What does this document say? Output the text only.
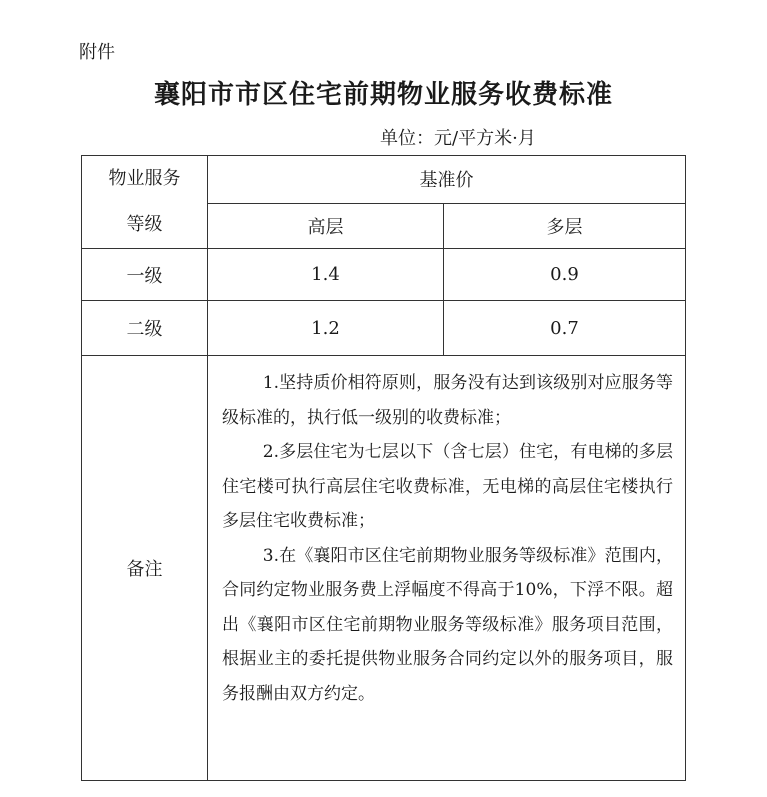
附件
襄阳市市区住宅前期物业服务收费标准
单位：元/平方米·月
物业服务
等级	基准价	
	高层	多层
一级	1.4	0.9
二级	1.2	0.7
备注	1.坚持质价相符原则，服务没有达到该级别对应服务等级标准的，执行低一级别的收费标准；

2.多层住宅为七层以下（含七层）住宅，有电梯的多层住宅楼可执行高层住宅收费标准，无电梯的高层住宅楼执行多层住宅收费标准；

3.在《襄阳市区住宅前期物业服务等级标准》范围内，合同约定物业服务费上浮幅度不得高于10%，下浮不限。超出《襄阳市区住宅前期物业服务等级标准》服务项目范围，根据业主的委托提供物业服务合同约定以外的服务项目，服务报酬由双方约定。	
